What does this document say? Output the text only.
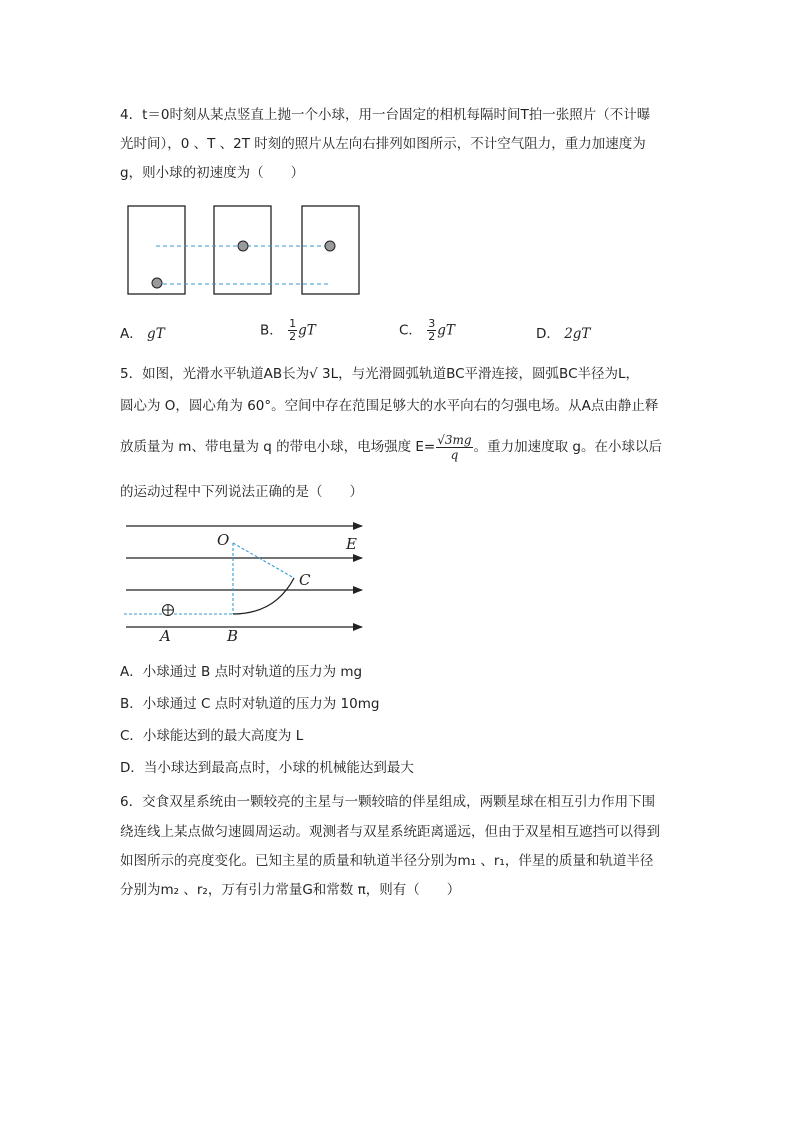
4．t＝0时刻从某点竖直上抛一个小球，用一台固定的相机每隔时间T拍一张照片（不计曝
光时间），0 、T 、2T 时刻的照片从左向右排列如图所示，不计空气阻力，重力加速度为
g，则小球的初速度为（　　）
A． gT	B． $\frac{1}{2}$ gT	C． $\frac{3}{2}$ gT	D． 2gT
5．如图，光滑水平轨道AB长为√ 3L，与光滑圆弧轨道BC平滑连接，圆弧BC半径为L，
圆心为 O，圆心角为 60°。空间中存在范围足够大的水平向右的匀强电场。从A点由静止释
放质量为 m、带电量为 q 的带电小球，电场强度 $E= \frac{√3mg}{q}$ 。重力加速度取 g。在小球以后
的运动过程中下列说法正确的是（　　）
O	E
C
A	B
A．小球通过 B 点时对轨道的压力为 mg
B．小球通过 C 点时对轨道的压力为 10mg
C．小球能达到的最大高度为 L
D．当小球达到最高点时，小球的机械能达到最大
6．交食双星系统由一颗较亮的主星与一颗较暗的伴星组成，两颗星球在相互引力作用下围
绕连线上某点做匀速圆周运动。观测者与双星系统距离遥远，但由于双星相互遮挡可以得到
如图所示的亮度变化。已知主星的质量和轨道半径分别为m₁ 、r₁，伴星的质量和轨道半径
分别为m₂ 、r₂，万有引力常量G和常数 π，则有（　　）
